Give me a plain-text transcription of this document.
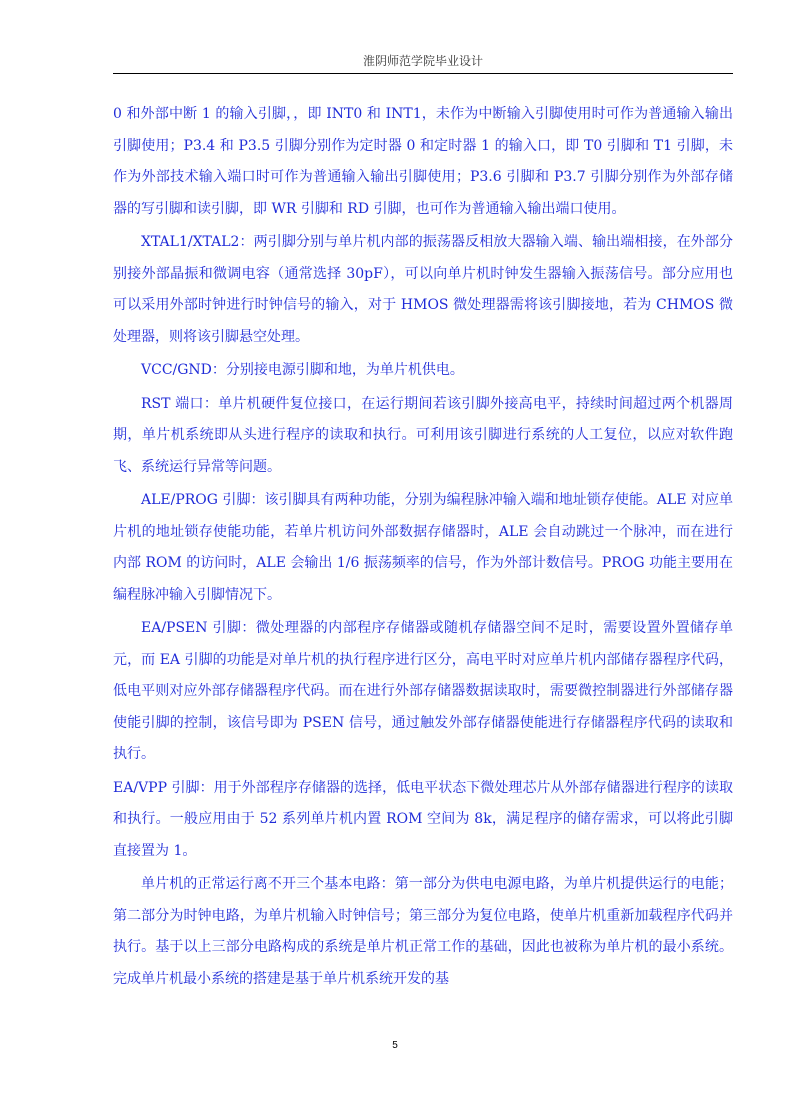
淮阴师范学院毕业设计

0 和外部中断 1 的输入引脚，，即 INT0 和 INT1，未作为中断输入引脚使用时可作为普通输入输出引脚使用；P3.4 和 P3.5 引脚分别作为定时器 0 和定时器 1 的输入口，即 T0 引脚和 T1 引脚，未作为外部技术输入端口时可作为普通输入输出引脚使用；P3.6 引脚和 P3.7 引脚分别作为外部存储器的写引脚和读引脚，即 WR 引脚和 RD 引脚，也可作为普通输入输出端口使用。

XTAL1/XTAL2：两引脚分别与单片机内部的振荡器反相放大器输入端、输出端相接，在外部分别接外部晶振和微调电容（通常选择 30pF），可以向单片机时钟发生器输入振荡信号。部分应用也可以采用外部时钟进行时钟信号的输入，对于 HMOS 微处理器需将该引脚接地，若为 CHMOS 微处理器，则将该引脚悬空处理。

VCC/GND：分别接电源引脚和地，为单片机供电。

RST 端口：单片机硬件复位接口，在运行期间若该引脚外接高电平，持续时间超过两个机器周期，单片机系统即从头进行程序的读取和执行。可利用该引脚进行系统的人工复位，以应对软件跑飞、系统运行异常等问题。

ALE/PROG 引脚：该引脚具有两种功能，分别为编程脉冲输入端和地址锁存使能。ALE 对应单片机的地址锁存使能功能，若单片机访问外部数据存储器时，ALE 会自动跳过一个脉冲，而在进行内部 ROM 的访问时，ALE 会输出 1/6 振荡频率的信号，作为外部计数信号。PROG 功能主要用在编程脉冲输入引脚情况下。

EA/PSEN 引脚：微处理器的内部程序存储器或随机存储器空间不足时，需要设置外置储存单元，而 EA 引脚的功能是对单片机的执行程序进行区分，高电平时对应单片机内部储存器程序代码，低电平则对应外部存储器程序代码。而在进行外部存储器数据读取时，需要微控制器进行外部储存器使能引脚的控制，该信号即为 PSEN 信号，通过触发外部存储器使能进行存储器程序代码的读取和执行。

EA/VPP 引脚：用于外部程序存储器的选择，低电平状态下微处理芯片从外部存储器进行程序的读取和执行。一般应用由于 52 系列单片机内置 ROM 空间为 8k，满足程序的储存需求，可以将此引脚直接置为 1。

单片机的正常运行离不开三个基本电路：第一部分为供电电源电路，为单片机提供运行的电能；第二部分为时钟电路，为单片机输入时钟信号；第三部分为复位电路，使单片机重新加载程序代码并执行。基于以上三部分电路构成的系统是单片机正常工作的基础，因此也被称为单片机的最小系统。完成单片机最小系统的搭建是基于单片机系统开发的基

5
